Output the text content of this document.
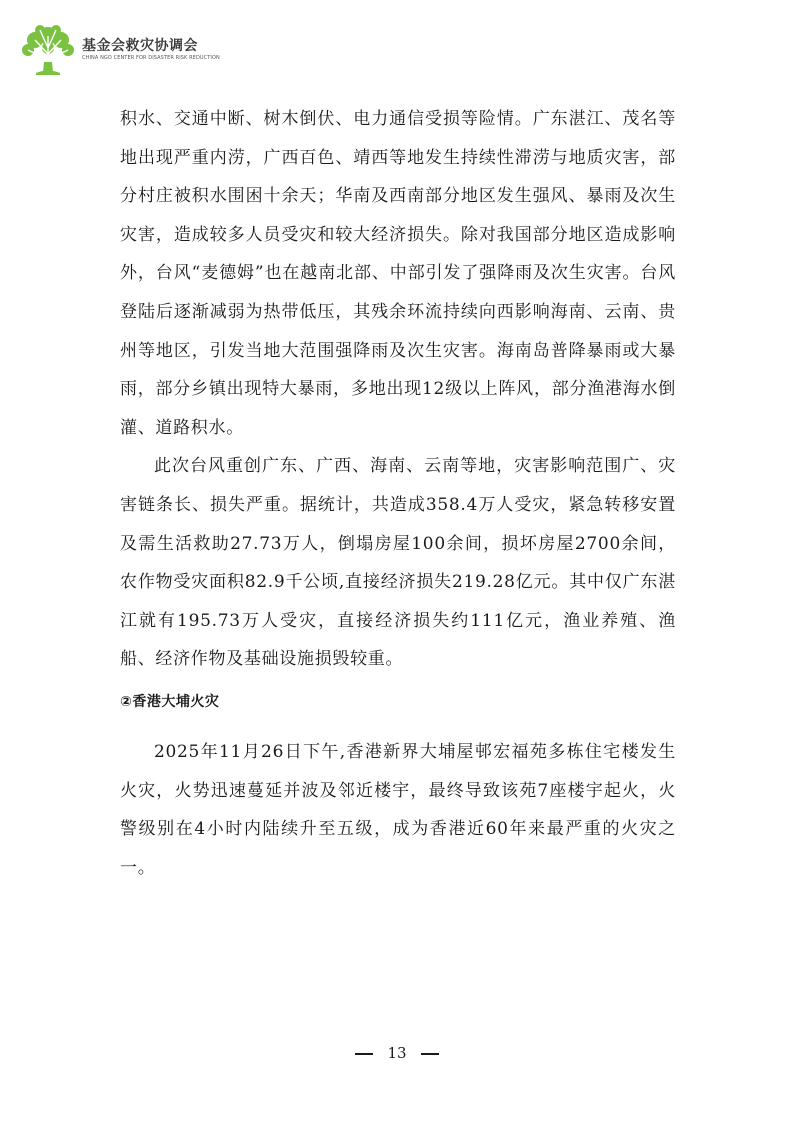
基金会救灾协调会
CHINA NGO CENTER FOR DISASTER RISK REDUCTION

积水、交通中断、树木倒伏、电力通信受损等险情。广东湛江、茂名等地出现严重内涝，广西百色、靖西等地发生持续性滞涝与地质灾害，部分村庄被积水围困十余天；华南及西南部分地区发生强风、暴雨及次生灾害，造成较多人员受灾和较大经济损失。除对我国部分地区造成影响外，台风“麦德姆”也在越南北部、中部引发了强降雨及次生灾害。台风登陆后逐渐减弱为热带低压，其残余环流持续向西影响海南、云南、贵州等地区，引发当地大范围强降雨及次生灾害。海南岛普降暴雨或大暴雨，部分乡镇出现特大暴雨，多地出现12级以上阵风，部分渔港海水倒灌、道路积水。

此次台风重创广东、广西、海南、云南等地，灾害影响范围广、灾害链条长、损失严重。据统计，共造成358.4万人受灾，紧急转移安置及需生活救助27.73万人，倒塌房屋100余间，损坏房屋2700余间，农作物受灾面积82.9千公顷,直接经济损失219.28亿元。其中仅广东湛江就有195.73万人受灾，直接经济损失约111亿元，渔业养殖、渔船、经济作物及基础设施损毁较重。

②香港大埔火灾

2025年11月26日下午,香港新界大埔屋邨宏福苑多栋住宅楼发生火灾，火势迅速蔓延并波及邻近楼宇，最终导致该苑7座楼宇起火，火警级别在4小时内陆续升至五级，成为香港近60年来最严重的火灾之一。

13
